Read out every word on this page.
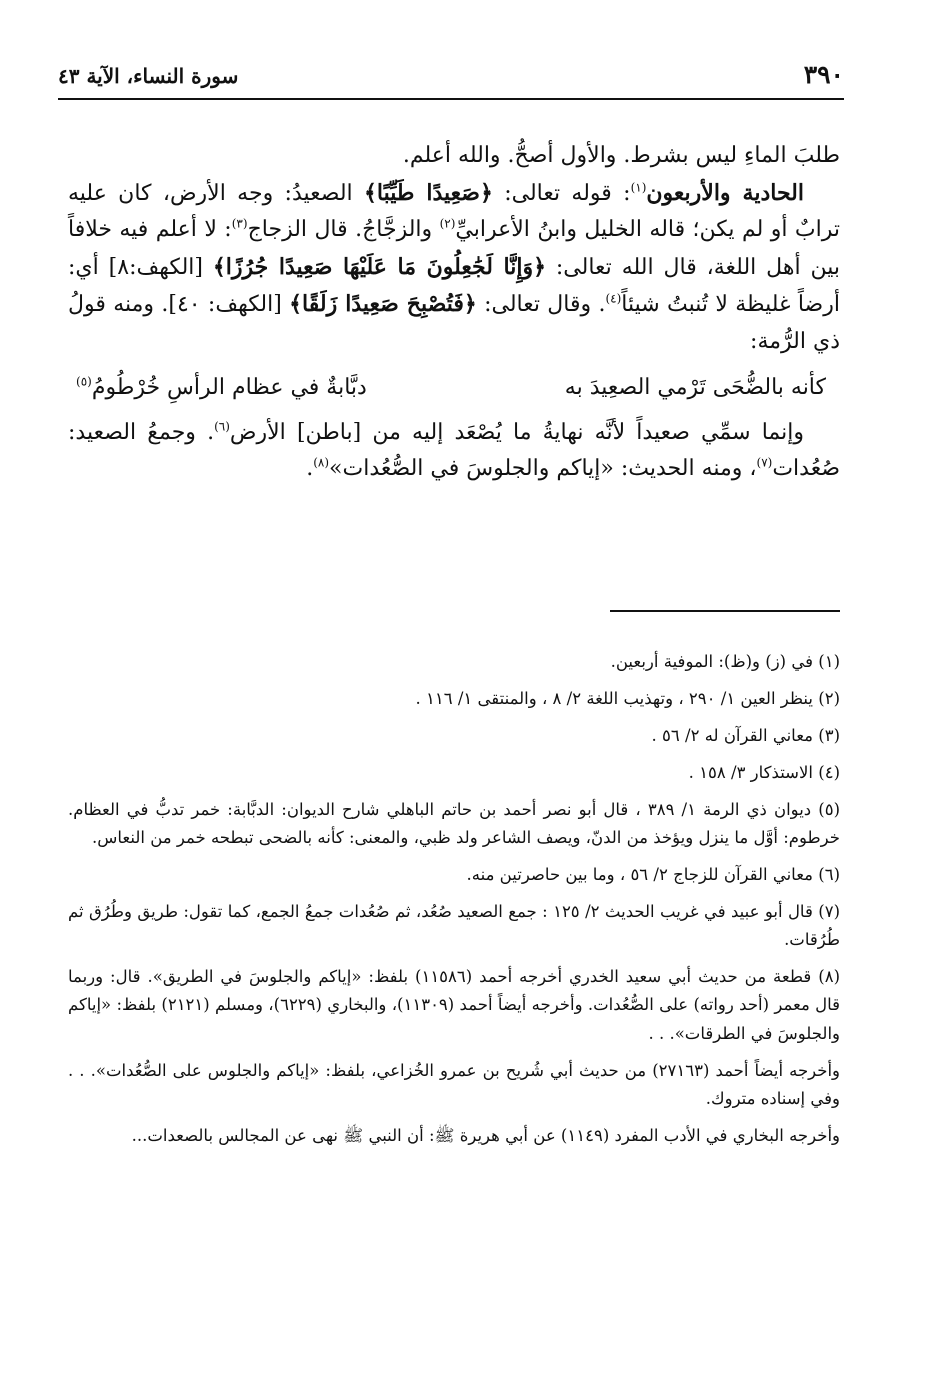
٣٩٠
سورة النساء، الآية ٤٣

طلبَ الماءِ ليس بشرط. والأول أصحُّ. والله أعلم.

الحادية والأربعون$^{(١)}$: قوله تعالى: ﴿صَعِيدًا طَيِّبًا﴾ الصعيدُ: وجه الأرض، كان عليه ترابٌ أو لم يكن؛ قاله الخليل وابنُ الأعرابيِّ$^{(٢)}$ والزجَّاجُ. قال الزجاج$^{(٣)}$: لا أعلم فيه خلافاً بين أهل اللغة، قال الله تعالى: ﴿وَإِنَّا لَجَٰعِلُونَ مَا عَلَيْهَا صَعِيدًا جُرُزًا﴾ [الكهف:٨] أي: أرضاً غليظة لا تُنبتُ شيئاً$^{(٤)}$. وقال تعالى: ﴿فَتُصْبِحَ صَعِيدًا زَلَقًا﴾ [الكهف: ٤٠]. ومنه قولُ ذي الرُّمة:

كأنه بالضُّحَى تَرْمي الصعِيدَ به
دبَّابةٌ في عظام الرأسِ خُرْطُومُ$^{(٥)}$

وإنما سمِّي صعيداً لأنَّه نهايةُ ما يُصْعَد إليه من [باطن] الأرض$^{(٦)}$. وجمعُ الصعيد: صُعُدات$^{(٧)}$، ومنه الحديث: «إياكم والجلوسَ في الصُّعُدات»$^{(٨)}$.

(١) في (ز) و(ظ): الموفية أربعين.

(٢) ينظر العين ١/ ٢٩٠ ، وتهذيب اللغة ٢/ ٨ ، والمنتقى ١/ ١١٦ .

(٣) معاني القرآن له ٢/ ٥٦ .

(٤) الاستذكار ٣/ ١٥٨ .

(٥) ديوان ذي الرمة ١/ ٣٨٩ ، قال أبو نصر أحمد بن حاتم الباهلي شارح الديوان: الدبَّابة: خمر تدبُّ في العظام. خرطوم: أوَّل ما ينزل ويؤخذ من الدنّ، ويصف الشاعر ولد ظبي، والمعنى: كأنه بالضحى تبطحه خمر من النعاس.

(٦) معاني القرآن للزجاج ٢/ ٥٦ ، وما بين حاصرتين منه.

(٧) قال أبو عبيد في غريب الحديث ٢/ ١٢٥ : جمع الصعيد صُعُد، ثم صُعُدات جمعُ الجمع، كما تقول: طريق وطُرُق ثم طُرُقات.

(٨) قطعة من حديث أبي سعيد الخدري أخرجه أحمد (١١٥٨٦) بلفظ: «إياكم والجلوسَ في الطريق». قال: وربما قال معمر (أحد رواته) على الصُّعُدات. وأخرجه أيضاً أحمد (١١٣٠٩)، والبخاري (٦٢٢٩)، ومسلم (٢١٢١) بلفظ: «إياكم والجلوسَ في الطرقات». . .

وأخرجه أيضاً أحمد (٢٧١٦٣) من حديث أبي شُريح بن عمرو الخُزاعي، بلفظ: «إياكم والجلوس على الصُّعُدات». . . وفي إسناده متروك.

وأخرجه البخاري في الأدب المفرد (١١٤٩) عن أبي هريرة ﷺ: أن النبي ﷺ نهى عن المجالس بالصعدات...
